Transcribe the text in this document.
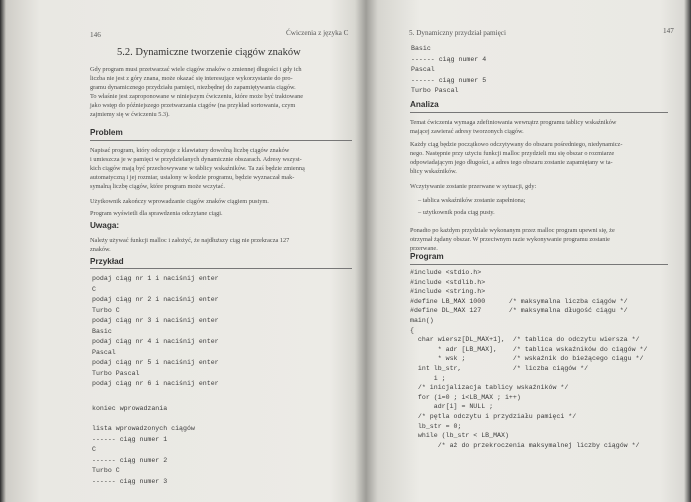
146	Ćwiczenia z języka C
5.2. Dynamiczne tworzenie ciągów znaków
Gdy program musi przetwarzać wiele ciągów znaków o zmiennej długości i gdy ich
liczba nie jest z góry znana, może okazać się interesujące wykorzystanie do pro-
gramu dynamicznego przydziału pamięci, niezbędnej do zapamiętywania ciągów.
To właśnie jest zaproponowane w niniejszym ćwiczeniu, które może być traktowane
jako wstęp do późniejszego przetwarzania ciągów (na przykład sortowania, czym
zajmiemy się w ćwiczeniu 5.3).
Problem
Napisać program, który odczytuje z klawiatury dowolną liczbę ciągów znaków
i umieszcza je w pamięci w przydzielanych dynamicznie obszarach. Adresy wszyst-
kich ciągów mają być przechowywane w tablicy wskaźników. Ta zaś będzie zmienną
automatyczną i jej rozmiar, ustalony w kodzie programu, będzie wyznaczał mak-
symalną liczbę ciągów, które program może wczytać.
Użytkownik zakończy wprowadzanie ciągów znaków ciągiem pustym.
Program wyświetli dla sprawdzenia odczytane ciągi.
Uwaga:
Należy używać funkcji malloc i założyć, że najdłuższy ciąg nie przekracza 127
znaków.
Przykład
podaj ciąg nr 1 i naciśnij enter
C
podaj ciąg nr 2 i naciśnij enter
Turbo C
podaj ciąg nr 3 i naciśnij enter
Basic
podaj ciąg nr 4 i naciśnij enter
Pascal
podaj ciąg nr 5 i naciśnij enter
Turbo Pascal
podaj ciąg nr 6 i naciśnij enter
koniec wprowadzania
lista wprowadzonych ciągów
------ ciąg numer 1
C
------ ciąg numer 2
Turbo C
------ ciąg numer 3
5. Dynamiczny przydział pamięci	147
Basic
------ ciąg numer 4
Pascal
------ ciąg numer 5
Turbo Pascal
Analiza
Temat ćwiczenia wymaga zdefiniowania wewnątrz programu tablicy wskaźników
mającej zawierać adresy tworzonych ciągów.
Każdy ciąg będzie początkowo odczytywany do obszaru pośredniego, niedynamicz-
nego. Następnie przy użyciu funkcji malloc przydzieli mu się obszar o rozmiarze
odpowiadającym jego długości, a adres tego obszaru zostanie zapamiętany w ta-
blicy wskaźników.
Wczytywanie zostanie przerwane w sytuacji, gdy:
– tablica wskaźników zostanie zapełniona;
– użytkownik poda ciąg pusty.
Ponadto po każdym przydziale wykonanym przez malloc program upewni się, że
otrzymał żądany obszar. W przeciwnym razie wykonywanie programu zostanie
przerwane.
Program
#include <stdio.h>
#include <stdlib.h>
#include <string.h>
#define LB_MAX 1000      /* maksymalna liczba ciągów */
#define DL_MAX 127       /* maksymalna długość ciągu */
main()
{
char wiersz[DL_MAX+1],  /* tablica do odczytu wiersza */
* adr [LB_MAX],    /* tablica wskaźników do ciągów */
* wsk ;            /* wskaźnik do bieżącego ciągu */
int lb_str,             /* liczba ciągów */
i ;
/* inicjalizacja tablicy wskaźników */
for (i=0 ; i<LB_MAX ; i++)
adr[i] = NULL ;
/* pętla odczytu i przydziału pamięci */
lb_str = 0;
while (lb_str < LB_MAX)
/* aż do przekroczenia maksymalnej liczby ciągów */
